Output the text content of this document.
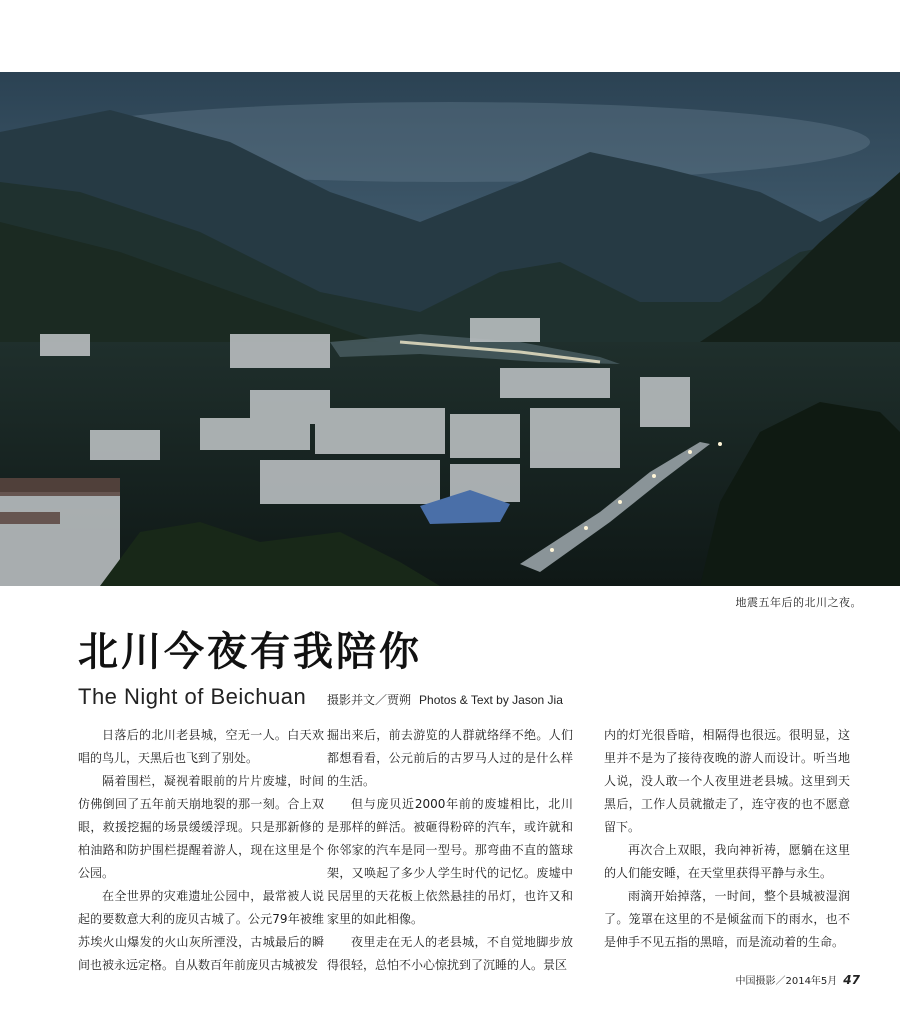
地震五年后的北川之夜。
北川今夜有我陪你
The Night of Beichuan 摄影并文／贾朔 Photos & Text by Jason Jia

日落后的北川老县城，空无一人。白天欢唱的鸟儿，天黑后也飞到了别处。

隔着围栏，凝视着眼前的片片废墟，时间仿佛倒回了五年前天崩地裂的那一刻。合上双眼，救援挖掘的场景缓缓浮现。只是那新修的柏油路和防护围栏提醒着游人，现在这里是个公园。

在全世界的灾难遗址公园中，最常被人说起的要数意大利的庞贝古城了。公元79年被维苏埃火山爆发的火山灰所湮没，古城最后的瞬间也被永远定格。自从数百年前庞贝古城被发

掘出来后，前去游览的人群就络绎不绝。人们都想看看，公元前后的古罗马人过的是什么样的生活。

但与庞贝近2000年前的废墟相比，北川是那样的鲜活。被砸得粉碎的汽车，或许就和你邻家的汽车是同一型号。那弯曲不直的篮球架，又唤起了多少人学生时代的记忆。废墟中民居里的天花板上依然悬挂的吊灯，也许又和家里的如此相像。

夜里走在无人的老县城，不自觉地脚步放得很轻，总怕不小心惊扰到了沉睡的人。景区

内的灯光很昏暗，相隔得也很远。很明显，这里并不是为了接待夜晚的游人而设计。听当地人说，没人敢一个人夜里进老县城。这里到天黑后，工作人员就撤走了，连守夜的也不愿意留下。

再次合上双眼，我向神祈祷，愿躺在这里的人们能安睡，在天堂里获得平静与永生。

雨滴开始掉落，一时间，整个县城被湿润了。笼罩在这里的不是倾盆而下的雨水，也不是伸手不见五指的黑暗，而是流动着的生命。

中国摄影／2014年5月 47
